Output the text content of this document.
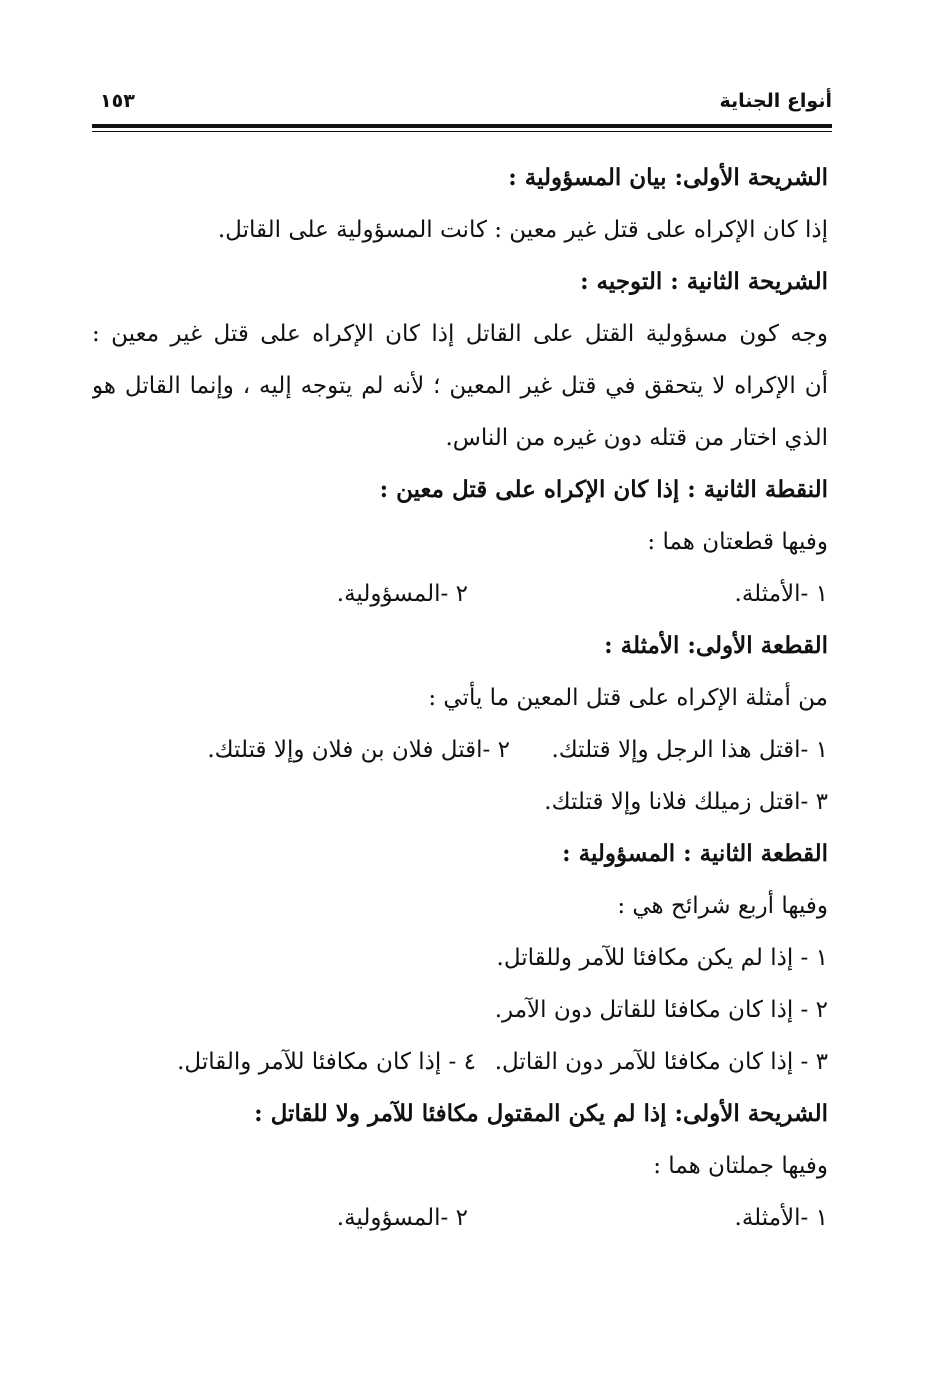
أنواع الجناية
١٥٣
الشريحة الأولى: بيان المسؤولية :
إذا كان الإكراه على قتل غير معين : كانت المسؤولية على القاتل.
الشريحة الثانية : التوجيه :
وجه كون مسؤولية القتل على القاتل إذا كان الإكراه على قتل غير معين :
أن الإكراه لا يتحقق في قتل غير المعين ؛ لأنه لم يتوجه إليه ، وإنما القاتل هو
الذي اختار من قتله دون غيره من الناس.
النقطة الثانية : إذا كان الإكراه على قتل معين :
وفيها قطعتان هما :
١ -الأمثلة.
٢ -المسؤولية.
القطعة الأولى: الأمثلة :
من أمثلة الإكراه على قتل المعين ما يأتي :
١ -اقتل هذا الرجل وإلا قتلتك.
٢ -اقتل فلان بن فلان وإلا قتلتك.
٣ -اقتل زميلك فلانا وإلا قتلتك.
القطعة الثانية : المسؤولية :
وفيها أربع شرائح هي :
١ - إذا لم يكن مكافئا للآمر وللقاتل.
٢ - إذا كان مكافئا للقاتل دون الآمر.
٣ - إذا كان مكافئا للآمر دون القاتل.
٤ - إذا كان مكافئا للآمر والقاتل.
الشريحة الأولى: إذا لم يكن المقتول مكافئا للآمر ولا للقاتل :
وفيها جملتان هما :
١ -الأمثلة.
٢ -المسؤولية.
